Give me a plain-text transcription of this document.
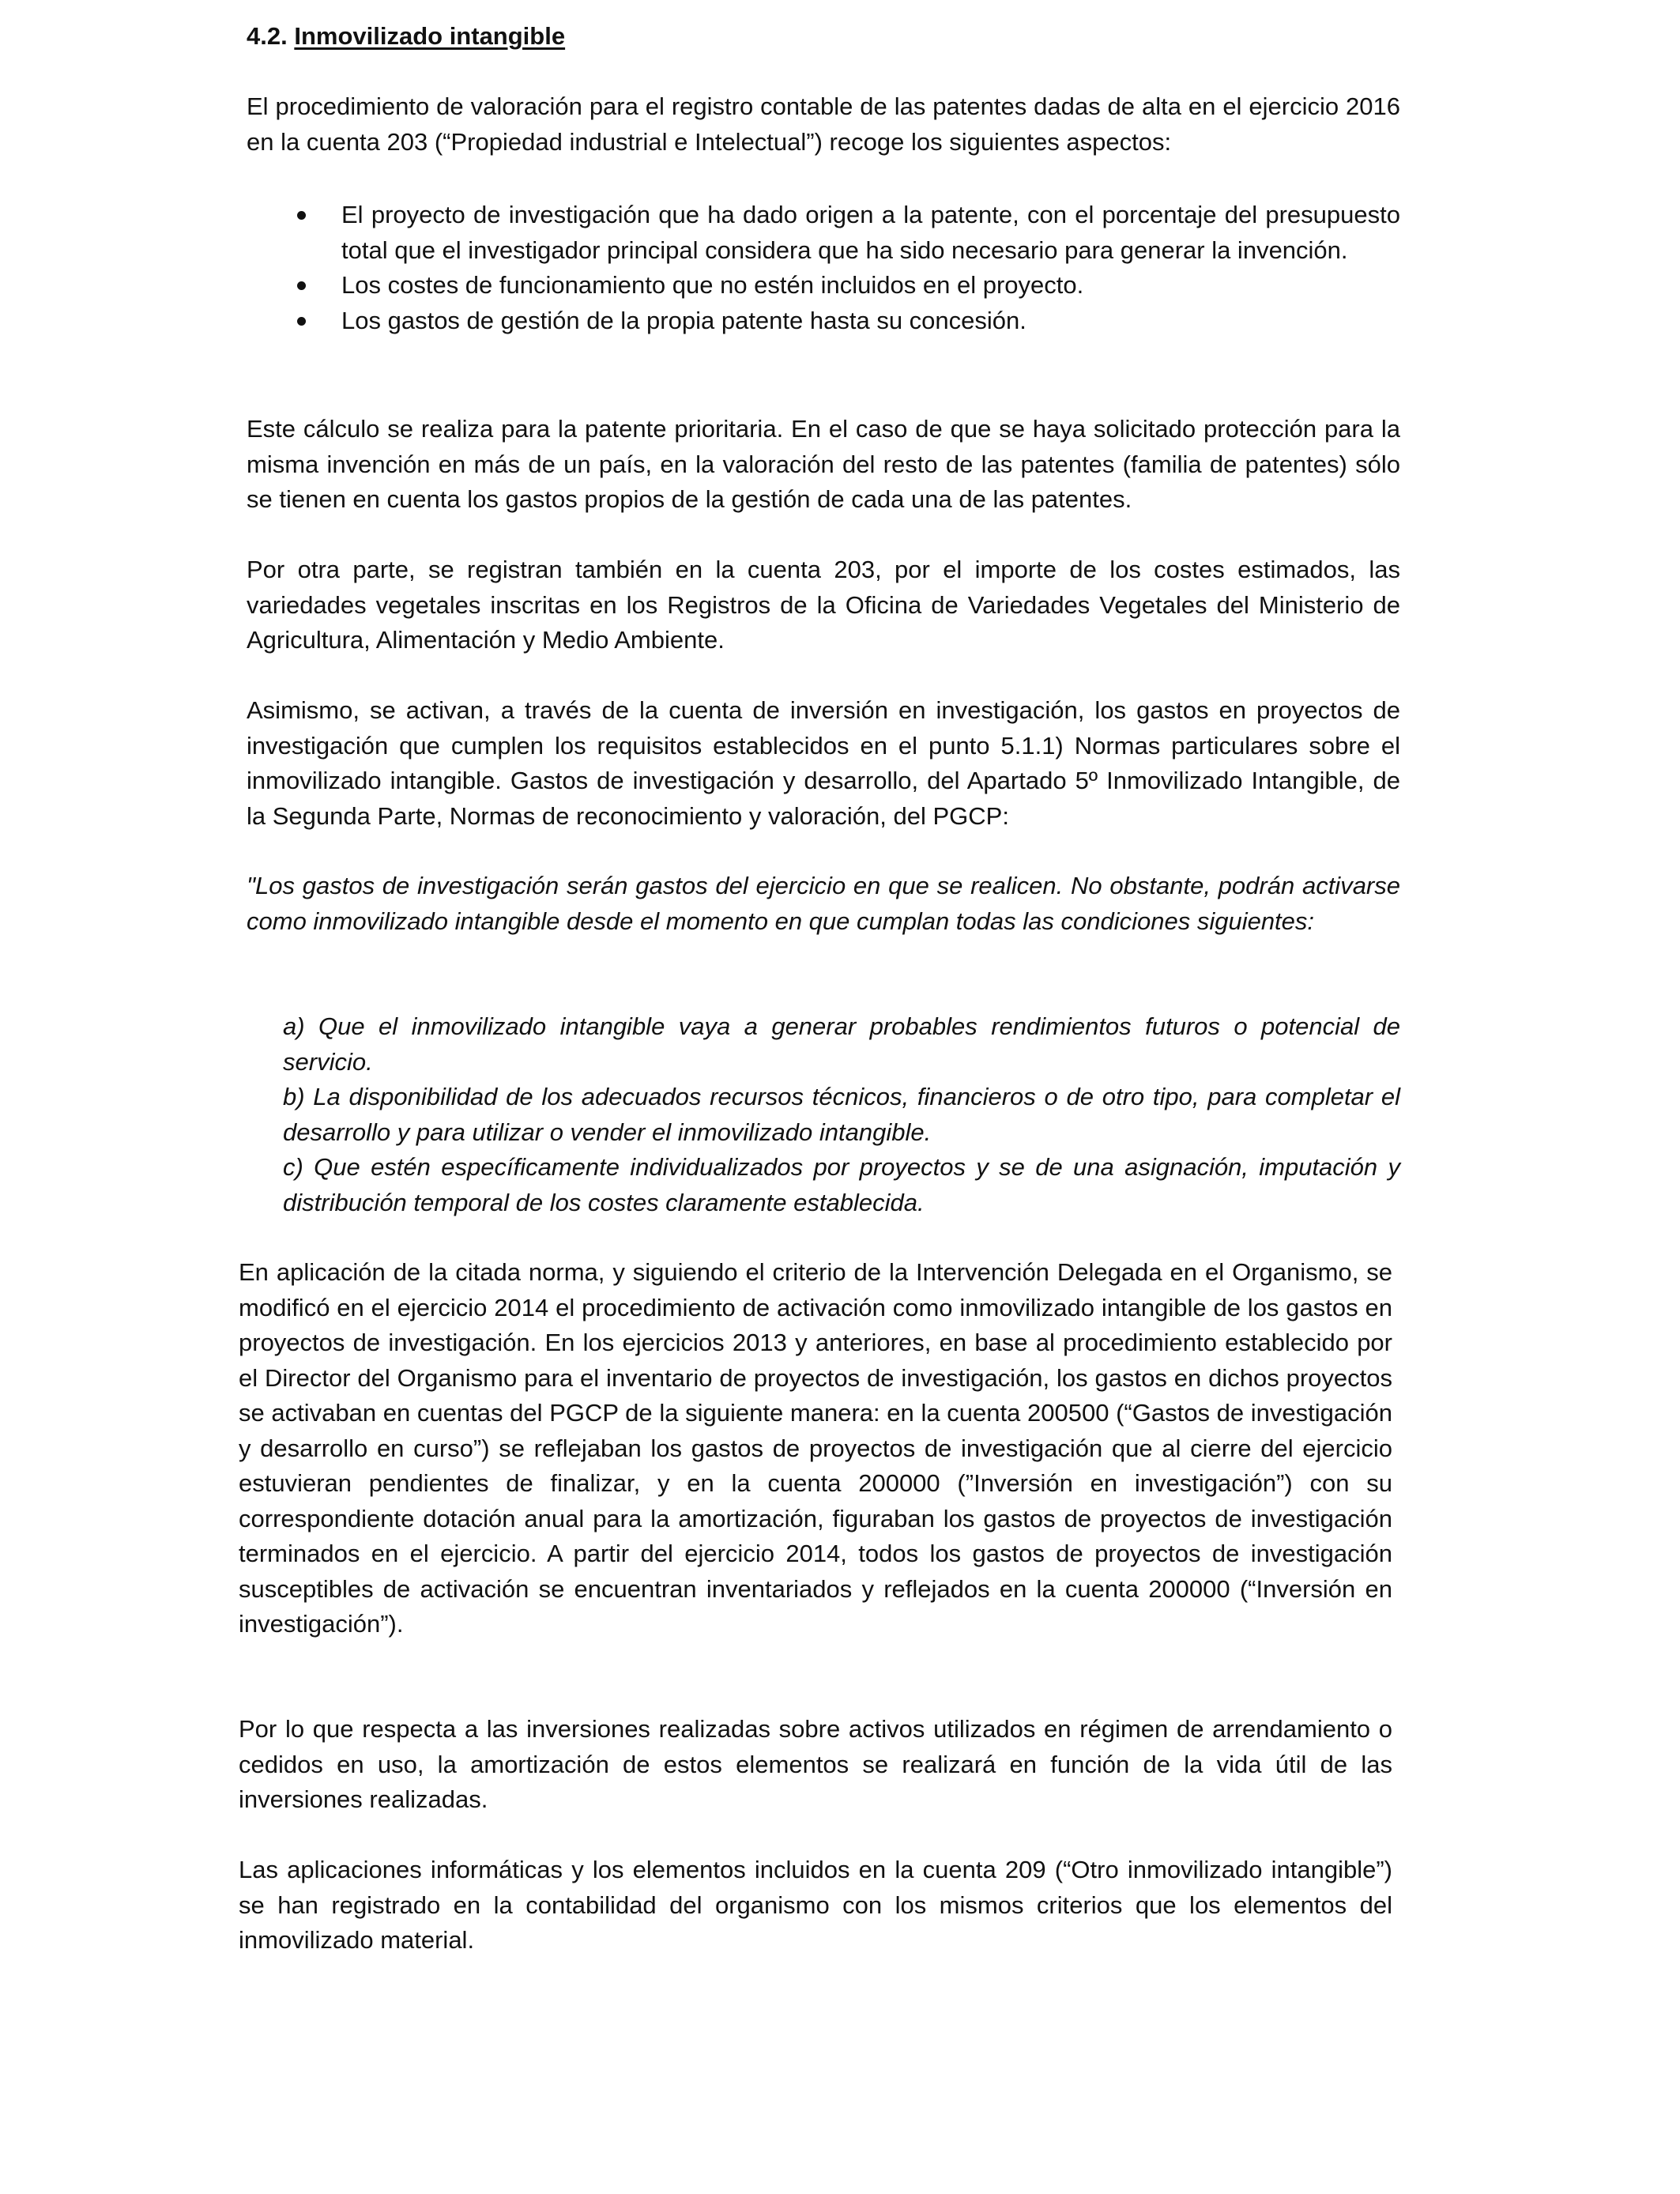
4.2. Inmovilizado intangible

El procedimiento de valoración para el registro contable de las patentes dadas de alta en el ejercicio 2016 en la cuenta 203 (“Propiedad industrial e Intelectual”) recoge los siguientes aspectos:

El proyecto de investigación que ha dado origen a la patente, con el porcentaje del presupuesto total que el investigador principal considera que ha sido necesario para generar la invención.
Los costes de funcionamiento que no estén incluidos en el proyecto.
Los gastos de gestión de la propia patente hasta su concesión.

Este cálculo se realiza para la patente prioritaria. En el caso de que se haya solicitado protección para la misma invención en más de un país, en la valoración del resto de las patentes (familia de patentes) sólo se tienen en cuenta los gastos propios de la gestión de cada una de las patentes.

Por otra parte, se registran también en la cuenta 203, por el importe de los costes estimados, las variedades vegetales inscritas en los Registros de la Oficina de Variedades Vegetales del Ministerio de Agricultura, Alimentación y Medio Ambiente.

Asimismo, se activan, a través de la cuenta de inversión en investigación, los gastos en proyectos de investigación que cumplen los requisitos establecidos en el punto 5.1.1) Normas particulares sobre el inmovilizado intangible. Gastos de investigación y desarrollo, del Apartado 5º Inmovilizado Intangible, de la Segunda Parte, Normas de reconocimiento y valoración, del PGCP:

"Los gastos de investigación serán gastos del ejercicio en que se realicen. No obstante, podrán activarse como inmovilizado intangible desde el momento en que cumplan todas las condiciones siguientes:

a) Que el inmovilizado intangible vaya a generar probables rendimientos futuros o potencial de servicio.

b) La disponibilidad de los adecuados recursos técnicos, financieros o de otro tipo, para completar el desarrollo y para utilizar o vender el inmovilizado intangible.

c) Que estén específicamente individualizados por proyectos y se de una asignación, imputación y distribución temporal de los costes claramente establecida.

En aplicación de la citada norma, y siguiendo el criterio de la Intervención Delegada en el Organismo, se modificó en el ejercicio 2014 el procedimiento de activación como inmovilizado intangible de los gastos en proyectos de investigación. En los ejercicios 2013 y anteriores, en base al procedimiento establecido por el Director del Organismo para el inventario de proyectos de investigación, los gastos en dichos proyectos se activaban en cuentas del PGCP de la siguiente manera: en la cuenta 200500 (“Gastos de investigación y desarrollo en curso”) se reflejaban los gastos de proyectos de investigación que al cierre del ejercicio estuvieran pendientes de finalizar, y en la cuenta 200000 (”Inversión en investigación”) con su correspondiente dotación anual para la amortización, figuraban los gastos de proyectos de investigación terminados en el ejercicio. A partir del ejercicio 2014, todos los gastos de proyectos de investigación susceptibles de activación se encuentran inventariados y reflejados en la cuenta 200000 (“Inversión en investigación”).

Por lo que respecta a las inversiones realizadas sobre activos utilizados en régimen de arrendamiento o cedidos en uso, la amortización de estos elementos se realizará en función de la vida útil de las inversiones realizadas.

Las aplicaciones informáticas y los elementos incluidos en la cuenta 209 (“Otro inmovilizado intangible”) se han registrado en la contabilidad del organismo con los mismos criterios que los elementos del inmovilizado material.
